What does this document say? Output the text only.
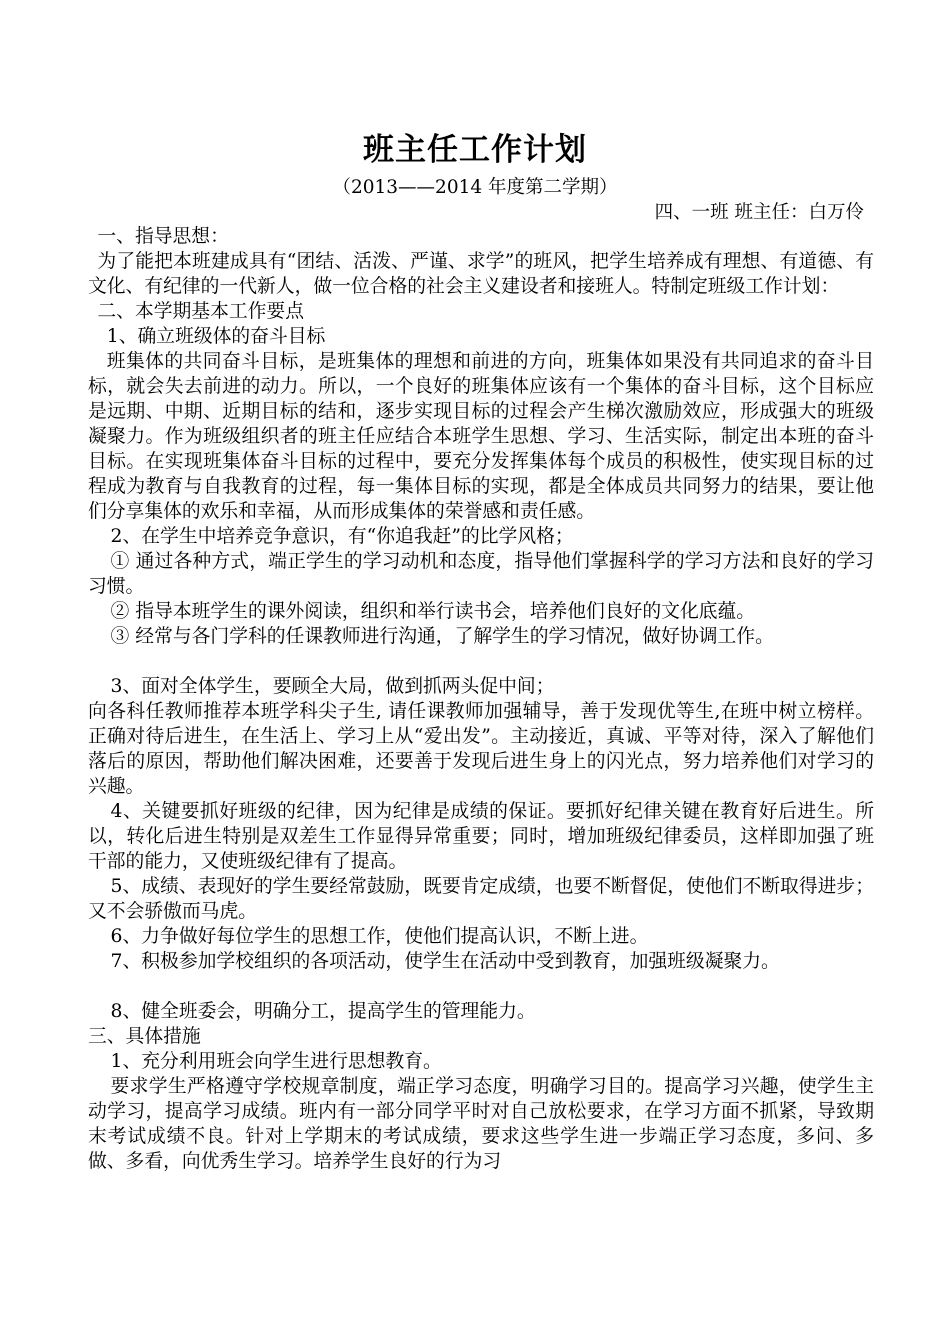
班主任工作计划
（2013——2014 年度第二学期）
四、一班 班主任：白万伶

一、指导思想：

为了能把本班建成具有“团结、活泼、严谨、求学”的班风，把学生培养成有理想、有道德、有文化、有纪律的一代新人，做一位合格的社会主义建设者和接班人。特制定班级工作计划：

二、本学期基本工作要点

1、确立班级体的奋斗目标

班集体的共同奋斗目标，是班集体的理想和前进的方向，班集体如果没有共同追求的奋斗目标，就会失去前进的动力。所以，一个良好的班集体应该有一个集体的奋斗目标，这个目标应是远期、中期、近期目标的结和，逐步实现目标的过程会产生梯次激励效应，形成强大的班级凝聚力。作为班级组织者的班主任应结合本班学生思想、学习、生活实际，制定出本班的奋斗目标。在实现班集体奋斗目标的过程中，要充分发挥集体每个成员的积极性，使实现目标的过程成为教育与自我教育的过程，每一集体目标的实现，都是全体成员共同努力的结果，要让他们分享集体的欢乐和幸福，从而形成集体的荣誉感和责任感。

2、在学生中培养竞争意识，有“你追我赶”的比学风格；

① 通过各种方式，端正学生的学习动机和态度，指导他们掌握科学的学习方法和良好的学习习惯。

② 指导本班学生的课外阅读，组织和举行读书会，培养他们良好的文化底蕴。

③ 经常与各门学科的任课教师进行沟通，了解学生的学习情况，做好协调工作。

3、面对全体学生，要顾全大局，做到抓两头促中间；

向各科任教师推荐本班学科尖子生, 请任课教师加强辅导，善于发现优等生,在班中树立榜样。正确对待后进生，在生活上、学习上从“爱出发”。主动接近，真诚、平等对待，深入了解他们落后的原因，帮助他们解决困难，还要善于发现后进生身上的闪光点，努力培养他们对学习的兴趣。

4、关键要抓好班级的纪律，因为纪律是成绩的保证。要抓好纪律关键在教育好后进生。所以，转化后进生特别是双差生工作显得异常重要；同时，增加班级纪律委员，这样即加强了班干部的能力，又使班级纪律有了提高。

5、成绩、表现好的学生要经常鼓励，既要肯定成绩，也要不断督促，使他们不断取得进步；又不会骄傲而马虎。

6、力争做好每位学生的思想工作，使他们提高认识，不断上进。

7、积极参加学校组织的各项活动，使学生在活动中受到教育，加强班级凝聚力。

8、健全班委会，明确分工，提高学生的管理能力。

三、具体措施

1、充分利用班会向学生进行思想教育。

要求学生严格遵守学校规章制度，端正学习态度，明确学习目的。提高学习兴趣，使学生主动学习，提高学习成绩。班内有一部分同学平时对自己放松要求，在学习方面不抓紧，导致期末考试成绩不良。针对上学期末的考试成绩，要求这些学生进一步端正学习态度，多问、多做、多看，向优秀生学习。培养学生良好的行为习
